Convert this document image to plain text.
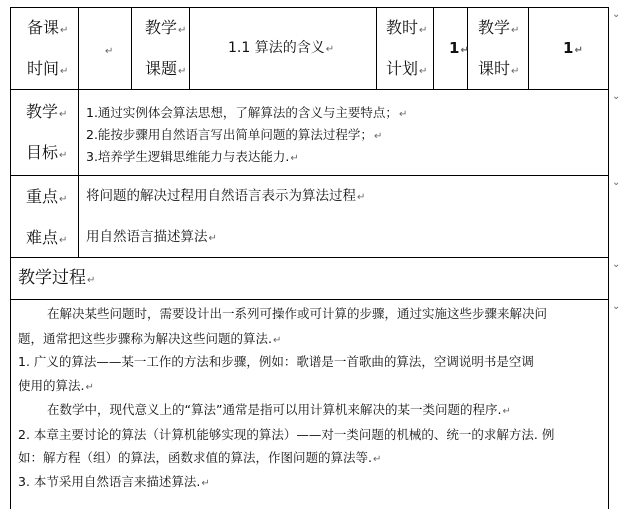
备课↵
时间↵
↵
教学↵
课题↵
1.1 算法的含义↵
教时↵
计划↵
1↵
教学↵
课时↵
1↵
教学↵
目标↵
1.通过实例体会算法思想，了解算法的含义与主要特点；↵
2.能按步骤用自然语言写出简单问题的算法过程学；↵
3.培养学生逻辑思维能力与表达能力.↵
重点↵
难点↵
将问题的解决过程用自然语言表示为算法过程↵
用自然语言描述算法↵
教学过程↵
在解决某些问题时，需要设计出一系列可操作或可计算的步骤，通过实施这些步骤来解决问
题，通常把这些步骤称为解决这些问题的算法.↵
1. 广义的算法——某一工作的方法和步骤，例如：歌谱是一首歌曲的算法，空调说明书是空调
使用的算法.↵
在数学中，现代意义上的“算法”通常是指可以用计算机来解决的某一类问题的程序.↵
2. 本章主要讨论的算法（计算机能够实现的算法）——对一类问题的机械的、统一的求解方法. 例
如：解方程（组）的算法，函数求值的算法，作图问题的算法等.↵
3. 本节采用自然语言来描述算法.↵
⌄
⌄
⌄
⌄
⌄
